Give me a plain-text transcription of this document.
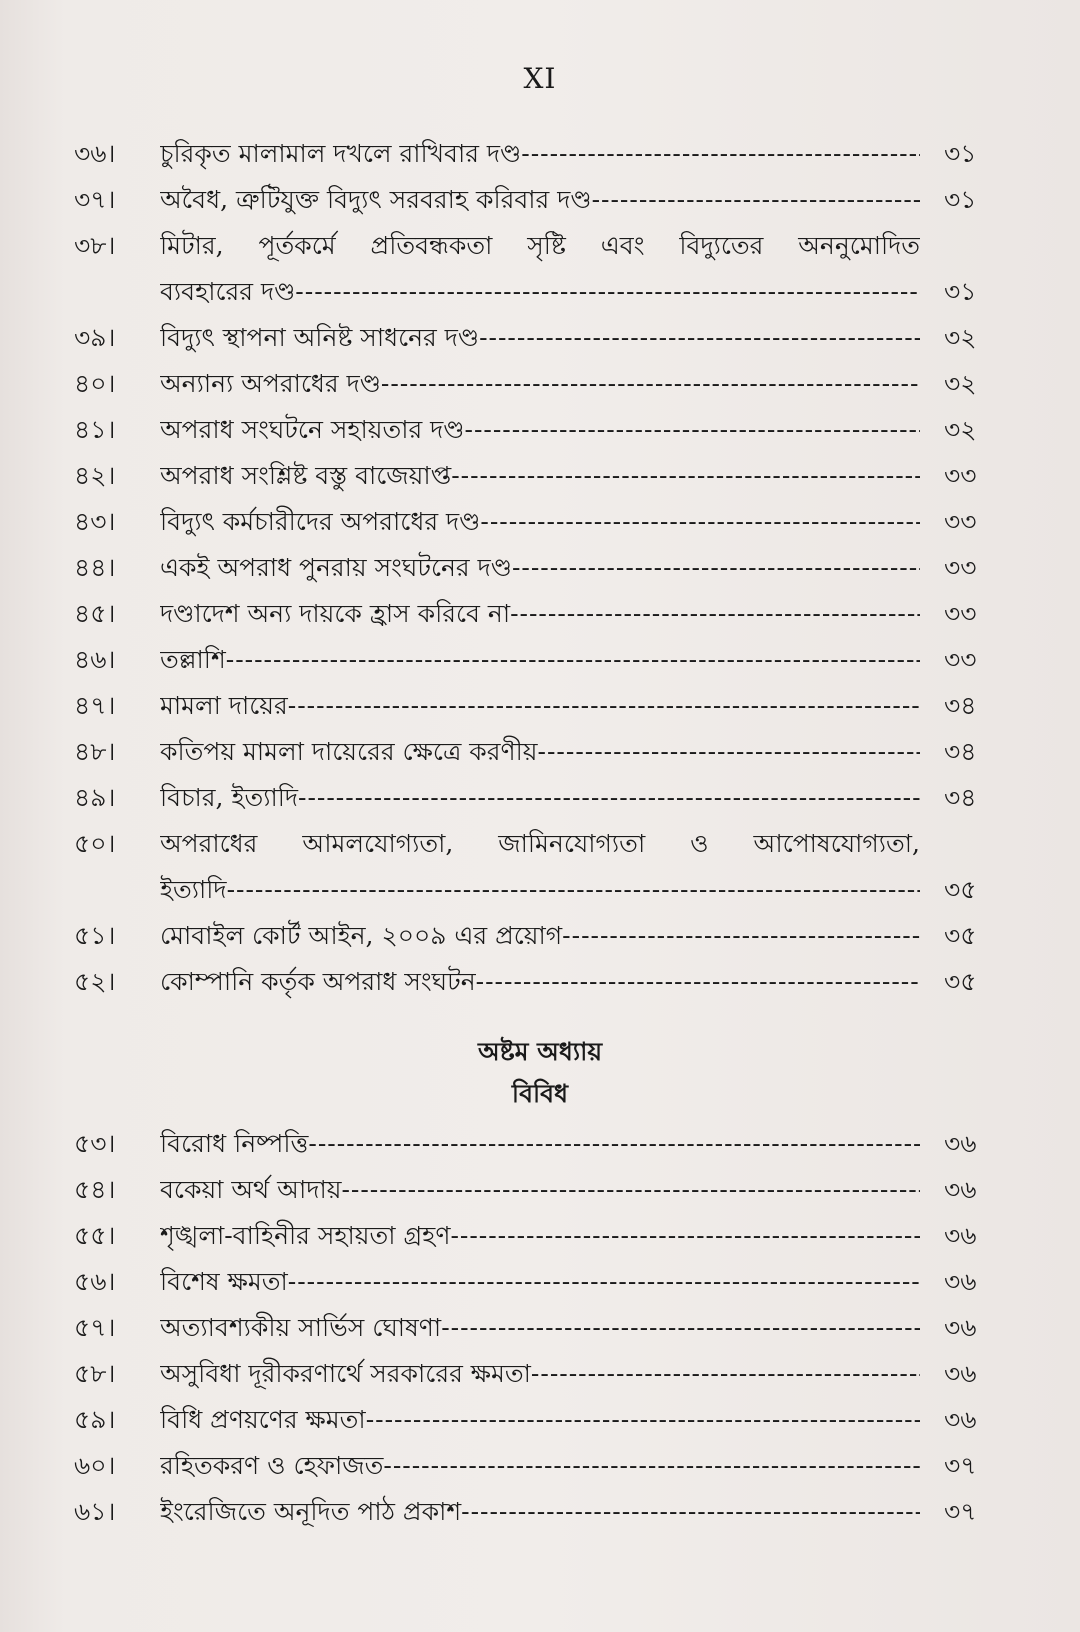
XI
৩৬।	চুরিকৃত মালামাল দখলে রাখিবার দণ্ড -----	৩১
৩৭।	অবৈধ, ত্রুটিযুক্ত বিদ্যুৎ সরবরাহ করিবার দণ্ড -----	৩১
৩৮।	মিটার, পূর্তকর্মে প্রতিবন্ধকতা সৃষ্টি এবং বিদ্যুতের অননুমোদিত
ব্যবহারের দণ্ড -----	৩১
৩৯।	বিদ্যুৎ স্থাপনা অনিষ্ট সাধনের দণ্ড -----	৩২
৪০।	অন্যান্য অপরাধের দণ্ড -----	৩২
৪১।	অপরাধ সংঘটনে সহায়তার দণ্ড -----	৩২
৪২।	অপরাধ সংশ্লিষ্ট বস্তু বাজেয়াপ্ত -----	৩৩
৪৩।	বিদ্যুৎ কর্মচারীদের অপরাধের দণ্ড -----	৩৩
৪৪।	একই অপরাধ পুনরায় সংঘটনের দণ্ড -----	৩৩
৪৫।	দণ্ডাদেশ অন্য দায়কে হ্রাস করিবে না -----	৩৩
৪৬।	তল্লাশি -----	৩৩
৪৭।	মামলা দায়ের -----	৩৪
৪৮।	কতিপয় মামলা দায়েরের ক্ষেত্রে করণীয় -----	৩৪
৪৯।	বিচার, ইত্যাদি -----	৩৪
৫০।	অপরাধের আমলযোগ্যতা, জামিনযোগ্যতা ও আপোষযোগ্যতা,
ইত্যাদি -----	৩৫
৫১।	মোবাইল কোর্ট আইন, ২০০৯ এর প্রয়োগ -----	৩৫
৫২।	কোম্পানি কর্তৃক অপরাধ সংঘটন -----	৩৫
অষ্টম অধ্যায়
বিবিধ
৫৩।	বিরোধ নিষ্পত্তি -----	৩৬
৫৪।	বকেয়া অর্থ আদায় -----	৩৬
৫৫।	শৃঙ্খলা-বাহিনীর সহায়তা গ্রহণ -----	৩৬
৫৬।	বিশেষ ক্ষমতা -----	৩৬
৫৭।	অত্যাবশ্যকীয় সার্ভিস ঘোষণা -----	৩৬
৫৮।	অসুবিধা দূরীকরণার্থে সরকারের ক্ষমতা -----	৩৬
৫৯।	বিধি প্রণয়ণের ক্ষমতা -----	৩৬
৬০।	রহিতকরণ ও হেফাজত -----	৩৭
৬১।	ইংরেজিতে অনূদিত পাঠ প্রকাশ -----	৩৭
